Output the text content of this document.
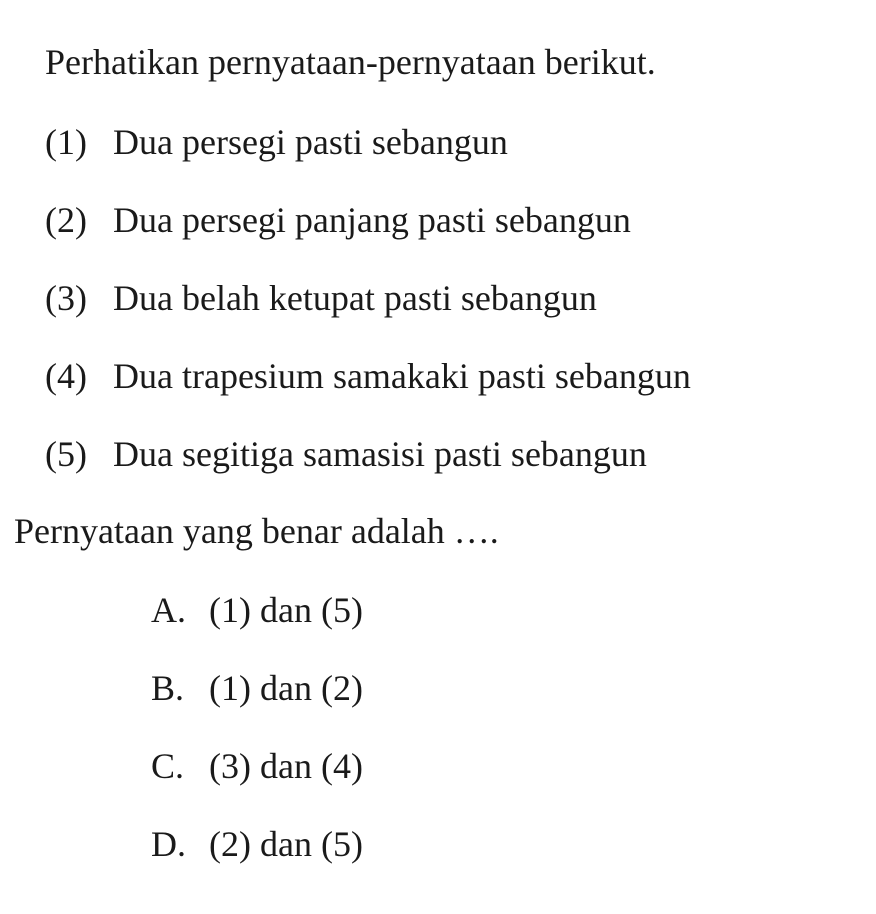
Perhatikan pernyataan-pernyataan berikut.
(1) Dua persegi pasti sebangun
(2) Dua persegi panjang pasti sebangun
(3) Dua belah ketupat pasti sebangun
(4) Dua trapesium samakaki pasti sebangun
(5) Dua segitiga samasisi pasti sebangun
Pernyataan yang benar adalah ….
A. (1) dan (5)
B. (1) dan (2)
C. (3) dan (4)
D. (2) dan (5)
